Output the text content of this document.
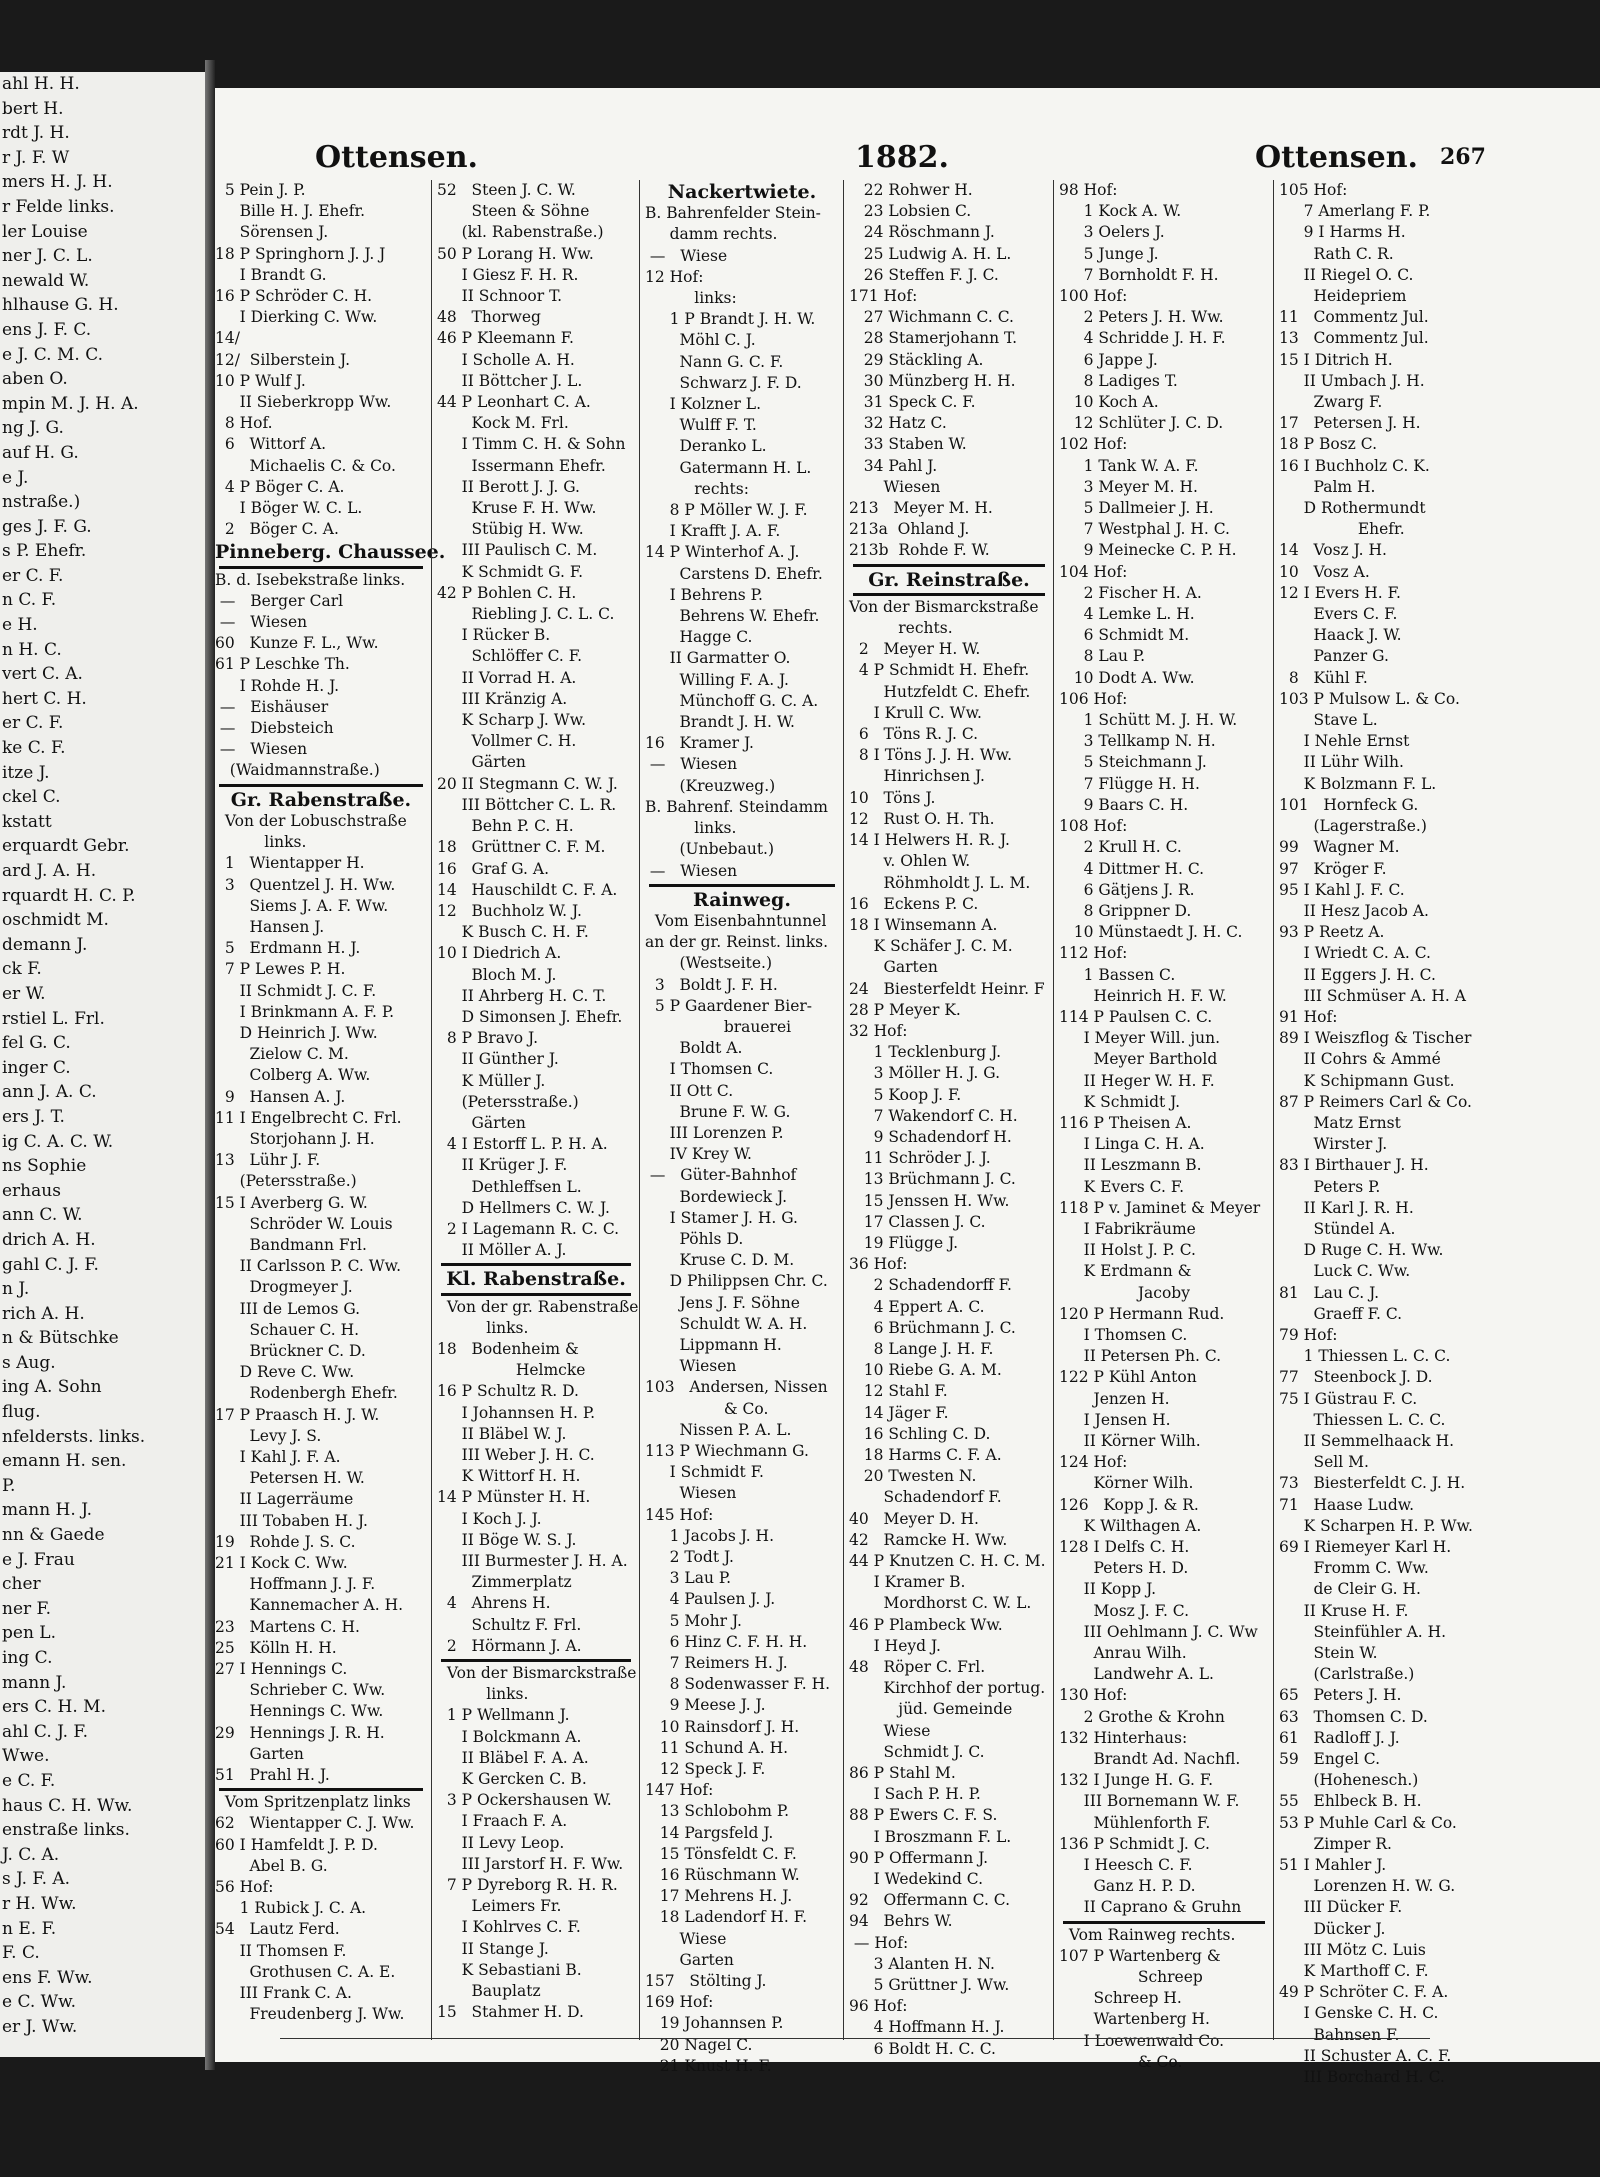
ahl H. H.
bert H.
rdt J. H.
r J. F. W
mers H. J. H.
r Felde links.
ler Louise
ner J. C. L.
newald W.
hlhause G. H.
ens J. F. C.
e J. C. M. C.
aben O.
mpin M. J. H. A.
ng J. G.
auf H. G.
e J.
nstraße.)
ges J. F. G.
s P. Ehefr.
er C. F.
n C. F.
e H.
n H. C.
vert C. A.
hert C. H.
er C. F.
ke C. F.
itze J.
ckel C.
kstatt
erquardt Gebr.
ard J. A. H.
rquardt H. C. P.
oschmidt M.
demann J.
ck F.
er W.
rstiel L. Frl.
fel G. C.
inger C.
ann J. A. C.
ers J. T.
ig C. A. C. W.
ns Sophie
erhaus
ann C. W.
drich A. H.
gahl C. J. F.
n J.
rich A. H.
n & Bütschke
s Aug.
ing A. Sohn
flug.
nfeldersts. links.
emann H. sen.
P.
mann H. J.
nn & Gaede
e J. Frau
cher
ner F.
pen L.
ing C.
mann J.
ers C. H. M.
ahl C. J. F.
Wwe.
e C. F.
haus C. H. Ww.
enstraße links.
J. C. A.
s J. F. A.
r H. Ww.
n E. F.
F. C.
ens F. Ww.
e C. Ww.
er J. Ww.
Ottensen.	1882.	Ottensen. 267
5 Pein J. P.
Bille H. J. Ehefr.
Sörensen J.
18 P Springhorn J. J. J
I Brandt G.
16 P Schröder C. H.
I Dierking C. Ww.
14/
12/  Silberstein J.
10 P Wulf J.
II Sieberkropp Ww.
8 Hof.
6   Wittorf A.
Michaelis C. & Co.
4 P Böger C. A.
I Böger W. C. L.
2   Böger C. A.
Pinneberg. Chaussee.
B. d. Isebekstraße links.
—   Berger Carl
—   Wiesen
60   Kunze F. L., Ww.
61 P Leschke Th.
I Rohde H. J.
—   Eishäuser
—   Diebsteich
—   Wiesen
(Waidmannstraße.)
Gr. Rabenstraße.
Von der Lobuschstraße
links.
1   Wientapper H.
3   Quentzel J. H. Ww.
Siems J. A. F. Ww.
Hansen J.
5   Erdmann H. J.
7 P Lewes P. H.
II Schmidt J. C. F.
I Brinkmann A. F. P.
D Heinrich J. Ww.
Zielow C. M.
Colberg A. Ww.
9   Hansen A. J.
11 I Engelbrecht C. Frl.
Storjohann J. H.
13   Lühr J. F.
(Petersstraße.)
15 I Averberg G. W.
Schröder W. Louis
Bandmann Frl.
II Carlsson P. C. Ww.
Drogmeyer J.
III de Lemos G.
Schauer C. H.
Brückner C. D.
D Reve C. Ww.
Rodenbergh Ehefr.
17 P Praasch H. J. W.
Levy J. S.
I Kahl J. F. A.
Petersen H. W.
II Lagerräume
III Tobaben H. J.
19   Rohde J. S. C.
21 I Kock C. Ww.
Hoffmann J. J. F.
Kannemacher A. H.
23   Martens C. H.
25   Kölln H. H.
27 I Hennings C.
Schrieber C. Ww.
Hennings C. Ww.
29   Hennings J. R. H.
Garten
51   Prahl H. J.
Vom Spritzenplatz links
62   Wientapper C. J. Ww.
60 I Hamfeldt J. P. D.
Abel B. G.
56 Hof:
1 Rubick J. C. A.
54   Lautz Ferd.
II Thomsen F.
Grothusen C. A. E.
III Frank C. A.
Freudenberg J. Ww.
52   Steen J. C. W.
Steen & Söhne
(kl. Rabenstraße.)
50 P Lorang H. Ww.
I Giesz F. H. R.
II Schnoor T.
48   Thorweg
46 P Kleemann F.
I Scholle A. H.
II Böttcher J. L.
44 P Leonhart C. A.
Kock M. Frl.
I Timm C. H. & Sohn
Issermann Ehefr.
II Berott J. J. G.
Kruse F. H. Ww.
Stübig H. Ww.
III Paulisch C. M.
K Schmidt G. F.
42 P Bohlen C. H.
Riebling J. C. L. C.
I Rücker B.
Schlöffer C. F.
II Vorrad H. A.
III Kränzig A.
K Scharp J. Ww.
Vollmer C. H.
Gärten
20 II Stegmann C. W. J.
III Böttcher C. L. R.
Behn P. C. H.
18   Grüttner C. F. M.
16   Graf G. A.
14   Hauschildt C. F. A.
12   Buchholz W. J.
K Busch C. H. F.
10 I Diedrich A.
Bloch M. J.
II Ahrberg H. C. T.
D Simonsen J. Ehefr.
8 P Bravo J.
II Günther J.
K Müller J.
(Petersstraße.)
Gärten
4 I Estorff L. P. H. A.
II Krüger J. F.
Dethleffsen L.
D Hellmers C. W. J.
2 I Lagemann R. C. C.
II Möller A. J.
Kl. Rabenstraße.
Von der gr. Rabenstraße
links.
18   Bodenheim &
Helmcke
16 P Schultz R. D.
I Johannsen H. P.
II Bläbel W. J.
III Weber J. H. C.
K Wittorf H. H.
14 P Münster H. H.
I Koch J. J.
II Böge W. S. J.
III Burmester J. H. A.
Zimmerplatz
4   Ahrens H.
Schultz F. Frl.
2   Hörmann J. A.
Von der Bismarckstraße
links.
1 P Wellmann J.
I Bolckmann A.
II Bläbel F. A. A.
K Gercken C. B.
3 P Ockershausen W.
I Fraach F. A.
II Levy Leop.
III Jarstorf H. F. Ww.
7 P Dyreborg R. H. R.
Leimers Fr.
I Kohlrves C. F.
II Stange J.
K Sebastiani B.
Bauplatz
15   Stahmer H. D.
Nackertwiete.
B. Bahrenfelder Stein-
damm rechts.
—   Wiese
12 Hof:
links:
1 P Brandt J. H. W.
Möhl C. J.
Nann G. C. F.
Schwarz J. F. D.
I Kolzner L.
Wulff F. T.
Deranko L.
Gatermann H. L.
rechts:
8 P Möller W. J. F.
I Krafft J. A. F.
14 P Winterhof A. J.
Carstens D. Ehefr.
I Behrens P.
Behrens W. Ehefr.
Hagge C.
II Garmatter O.
Willing F. A. J.
Münchoff G. C. A.
Brandt J. H. W.
16   Kramer J.
—   Wiesen
(Kreuzweg.)
B. Bahrenf. Steindamm
links.
(Unbebaut.)
—   Wiesen
Rainweg.
Vom Eisenbahntunnel
an der gr. Reinst. links.
(Westseite.)
3   Boldt J. F. H.
5 P Gaardener Bier-
brauerei
Boldt A.
I Thomsen C.
II Ott C.
Brune F. W. G.
III Lorenzen P.
IV Krey W.
—   Güter-Bahnhof
Bordewieck J.
I Stamer J. H. G.
Pöhls D.
Kruse C. D. M.
D Philippsen Chr. C.
Jens J. F. Söhne
Schuldt W. A. H.
Lippmann H.
Wiesen
103   Andersen, Nissen
& Co.
Nissen P. A. L.
113 P Wiechmann G.
I Schmidt F.
Wiesen
145 Hof:
1 Jacobs J. H.
2 Todt J.
3 Lau P.
4 Paulsen J. J.
5 Mohr J.
6 Hinz C. F. H. H.
7 Reimers H. J.
8 Sodenwasser F. H.
9 Meese J. J.
10 Rainsdorf J. H.
11 Schund A. H.
12 Speck J. F.
147 Hof:
13 Schlobohm P.
14 Pargsfeld J.
15 Tönsfeldt C. F.
16 Rüschmann W.
17 Mehrens H. J.
18 Ladendorf H. F.
Wiese
Garten
157   Stölting J.
169 Hof:
19 Johannsen P.
20 Nagel C.
21 Knust H. F.
22 Rohwer H.
23 Lobsien C.
24 Röschmann J.
25 Ludwig A. H. L.
26 Steffen F. J. C.
171 Hof:
27 Wichmann C. C.
28 Stamerjohann T.
29 Stäckling A.
30 Münzberg H. H.
31 Speck C. F.
32 Hatz C.
33 Staben W.
34 Pahl J.
Wiesen
213   Meyer M. H.
213a  Ohland J.
213b  Rohde F. W.
Gr. Reinstraße.
Von der Bismarckstraße
rechts.
2   Meyer H. W.
4 P Schmidt H. Ehefr.
Hutzfeldt C. Ehefr.
I Krull C. Ww.
6   Töns R. J. C.
8 I Töns J. J. H. Ww.
Hinrichsen J.
10   Töns J.
12   Rust O. H. Th.
14 I Helwers H. R. J.
v. Ohlen W.
Röhmholdt J. L. M.
16   Eckens P. C.
18 I Winsemann A.
K Schäfer J. C. M.
Garten
24   Biesterfeldt Heinr. F
28 P Meyer K.
32 Hof:
1 Tecklenburg J.
3 Möller H. J. G.
5 Koop J. F.
7 Wakendorf C. H.
9 Schadendorf H.
11 Schröder J. J.
13 Brüchmann J. C.
15 Jenssen H. Ww.
17 Classen J. C.
19 Flügge J.
36 Hof:
2 Schadendorff F.
4 Eppert A. C.
6 Brüchmann J. C.
8 Lange J. H. F.
10 Riebe G. A. M.
12 Stahl F.
14 Jäger F.
16 Schling C. D.
18 Harms C. F. A.
20 Twesten N.
Schadendorf F.
40   Meyer D. H.
42   Ramcke H. Ww.
44 P Knutzen C. H. C. M.
I Kramer B.
Mordhorst C. W. L.
46 P Plambeck Ww.
I Heyd J.
48   Röper C. Frl.
Kirchhof der portug.
jüd. Gemeinde
Wiese
Schmidt J. C.
86 P Stahl M.
I Sach P. H. P.
88 P Ewers C. F. S.
I Broszmann F. L.
90 P Offermann J.
I Wedekind C.
92   Offermann C. C.
94   Behrs W.
— Hof:
3 Alanten H. N.
5 Grüttner J. Ww.
96 Hof:
4 Hoffmann H. J.
6 Boldt H. C. C.
98 Hof:
1 Kock A. W.
3 Oelers J.
5 Junge J.
7 Bornholdt F. H.
100 Hof:
2 Peters J. H. Ww.
4 Schridde J. H. F.
6 Jappe J.
8 Ladiges T.
10 Koch A.
12 Schlüter J. C. D.
102 Hof:
1 Tank W. A. F.
3 Meyer M. H.
5 Dallmeier J. H.
7 Westphal J. H. C.
9 Meinecke C. P. H.
104 Hof:
2 Fischer H. A.
4 Lemke L. H.
6 Schmidt M.
8 Lau P.
10 Dodt A. Ww.
106 Hof:
1 Schütt M. J. H. W.
3 Tellkamp N. H.
5 Steichmann J.
7 Flügge H. H.
9 Baars C. H.
108 Hof:
2 Krull H. C.
4 Dittmer H. C.
6 Gätjens J. R.
8 Grippner D.
10 Münstaedt J. H. C.
112 Hof:
1 Bassen C.
Heinrich H. F. W.
114 P Paulsen C. C.
I Meyer Will. jun.
Meyer Barthold
II Heger W. H. F.
K Schmidt J.
116 P Theisen A.
I Linga C. H. A.
II Leszmann B.
K Evers C. F.
118 P v. Jaminet & Meyer
I Fabrikräume
II Holst J. P. C.
K Erdmann &
Jacoby
120 P Hermann Rud.
I Thomsen C.
II Petersen Ph. C.
122 P Kühl Anton
Jenzen H.
I Jensen H.
II Körner Wilh.
124 Hof:
Körner Wilh.
126   Kopp J. & R.
K Wilthagen A.
128 I Delfs C. H.
Peters H. D.
II Kopp J.
Mosz J. F. C.
III Oehlmann J. C. Ww
Anrau Wilh.
Landwehr A. L.
130 Hof:
2 Grothe & Krohn
132 Hinterhaus:
Brandt Ad. Nachfl.
132 I Junge H. G. F.
III Bornemann W. F.
Mühlenforth F.
136 P Schmidt J. C.
I Heesch C. F.
Ganz H. P. D.
II Caprano & Gruhn
Vom Rainweg rechts.
107 P Wartenberg &
Schreep
Schreep H.
Wartenberg H.
I Loewenwald Co.
& Co.
105 Hof:
7 Amerlang F. P.
9 I Harms H.
Rath C. R.
II Riegel O. C.
Heidepriem
11   Commentz Jul.
13   Commentz Jul.
15 I Ditrich H.
II Umbach J. H.
Zwarg F.
17   Petersen J. H.
18 P Bosz C.
16 I Buchholz C. K.
Palm H.
D Rothermundt
Ehefr.
14   Vosz J. H.
10   Vosz A.
12 I Evers H. F.
Evers C. F.
Haack J. W.
Panzer G.
8   Kühl F.
103 P Mulsow L. & Co.
Stave L.
I Nehle Ernst
II Lühr Wilh.
K Bolzmann F. L.
101   Hornfeck G.
(Lagerstraße.)
99   Wagner M.
97   Kröger F.
95 I Kahl J. F. C.
II Hesz Jacob A.
93 P Reetz A.
I Wriedt C. A. C.
II Eggers J. H. C.
III Schmüser A. H. A
91 Hof:
89 I Weiszflog & Tischer
II Cohrs & Ammé
K Schipmann Gust.
87 P Reimers Carl & Co.
Matz Ernst
Wirster J.
83 I Birthauer J. H.
Peters P.
II Karl J. R. H.
Stündel A.
D Ruge C. H. Ww.
Luck C. Ww.
81   Lau C. J.
Graeff F. C.
79 Hof:
1 Thiessen L. C. C.
77   Steenbock J. D.
75 I Güstrau F. C.
Thiessen L. C. C.
II Semmelhaack H.
Sell M.
73   Biesterfeldt C. J. H.
71   Haase Ludw.
K Scharpen H. P. Ww.
69 I Riemeyer Karl H.
Fromm C. Ww.
de Cleir G. H.
II Kruse H. F.
Steinfühler A. H.
Stein W.
(Carlstraße.)
65   Peters J. H.
63   Thomsen C. D.
61   Radloff J. J.
59   Engel C.
(Hohenesch.)
55   Ehlbeck B. H.
53 P Muhle Carl & Co.
Zimper R.
51 I Mahler J.
Lorenzen H. W. G.
III Dücker F.
Dücker J.
III Mötz C. Luis
K Marthoff C. F.
49 P Schröter C. F. A.
I Genske C. H. C.
Bahnsen F.
II Schuster A. C. F.
III Borchard H. C.
